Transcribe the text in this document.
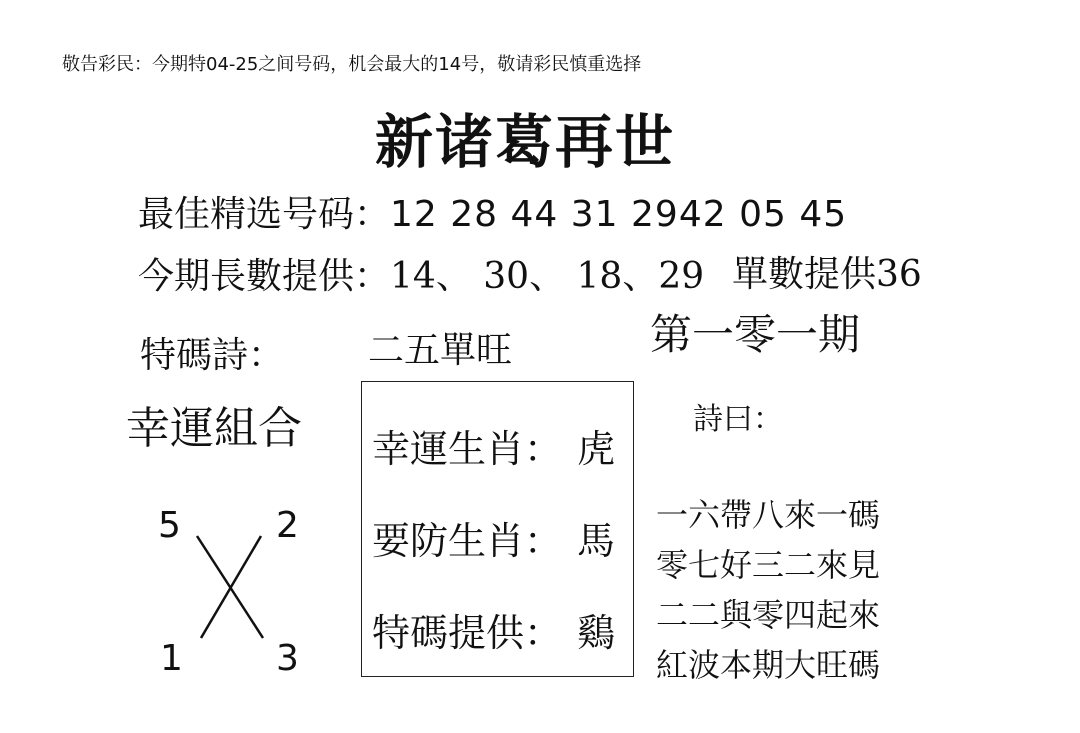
敬告彩民：今期特04-25之间号码，机会最大的14号，敬请彩民慎重选择
新诸葛再世
最佳精选号码：12 28 44 31 2942 05 45
今期長數提供：14、 30、 18、29 單數提供36
特碼詩： 二五單旺	第一零一期
幸運組合
5	2
1	3
幸運生肖： 虎
要防生肖： 馬
特碼提供： 鷄
詩曰：
一六帶八來一碼
零七好三二來見
二二與零四起來
紅波本期大旺碼
